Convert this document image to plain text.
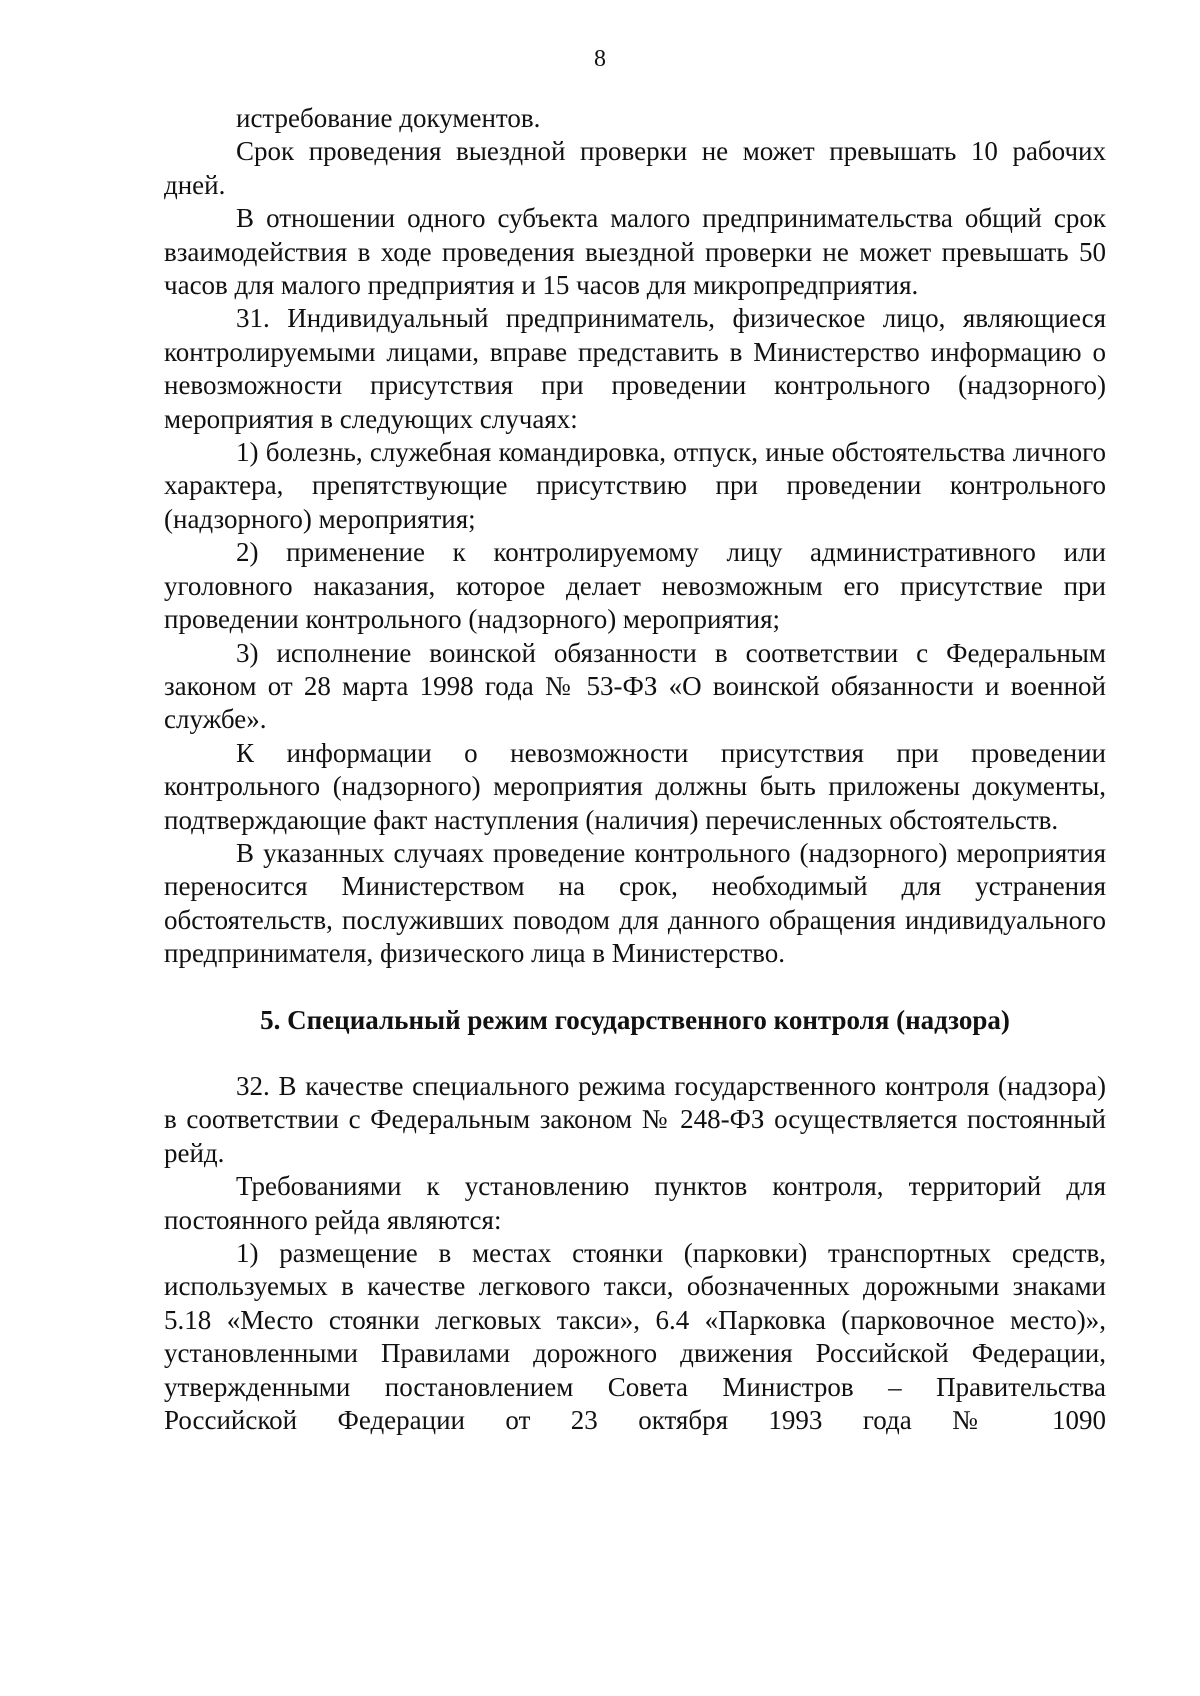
8

истребование документов.

Срок проведения выездной проверки не может превышать 10 рабочих дней.

В отношении одного субъекта малого предпринимательства общий срок взаимодействия в ходе проведения выездной проверки не может превышать 50 часов для малого предприятия и 15 часов для микропредприятия.

31. Индивидуальный предприниматель, физическое лицо, являющиеся контролируемыми лицами, вправе представить в Министерство информацию о невозможности присутствия при проведении контрольного (надзорного) мероприятия в следующих случаях:

1) болезнь, служебная командировка, отпуск, иные обстоятельства личного характера, препятствующие присутствию при проведении контрольного (надзорного) мероприятия;

2) применение к контролируемому лицу административного или уголовного наказания, которое делает невозможным его присутствие при проведении контрольного (надзорного) мероприятия;

3) исполнение воинской обязанности в соответствии с Федеральным законом от 28 марта 1998 года № 53-ФЗ «О воинской обязанности и военной службе».

К информации о невозможности присутствия при проведении контрольного (надзорного) мероприятия должны быть приложены документы, подтверждающие факт наступления (наличия) перечисленных обстоятельств.

В указанных случаях проведение контрольного (надзорного) мероприятия переносится Министерством на срок, необходимый для устранения обстоятельств, послуживших поводом для данного обращения индивидуального предпринимателя, физического лица в Министерство.

5. Специальный режим государственного контроля (надзора)

32. В качестве специального режима государственного контроля (надзора) в соответствии с Федеральным законом № 248-ФЗ осуществляется постоянный рейд.

Требованиями к установлению пунктов контроля, территорий для постоянного рейда являются:

1) размещение в местах стоянки (парковки) транспортных средств, используемых в качестве легкового такси, обозначенных дорожными знаками 5.18 «Место стоянки легковых такси», 6.4 «Парковка (парковочное место)», установленными Правилами дорожного движения Российской Федерации, утвержденными постановлением Совета Министров – Правительства Российской Федерации от 23 октября 1993 года № 1090
